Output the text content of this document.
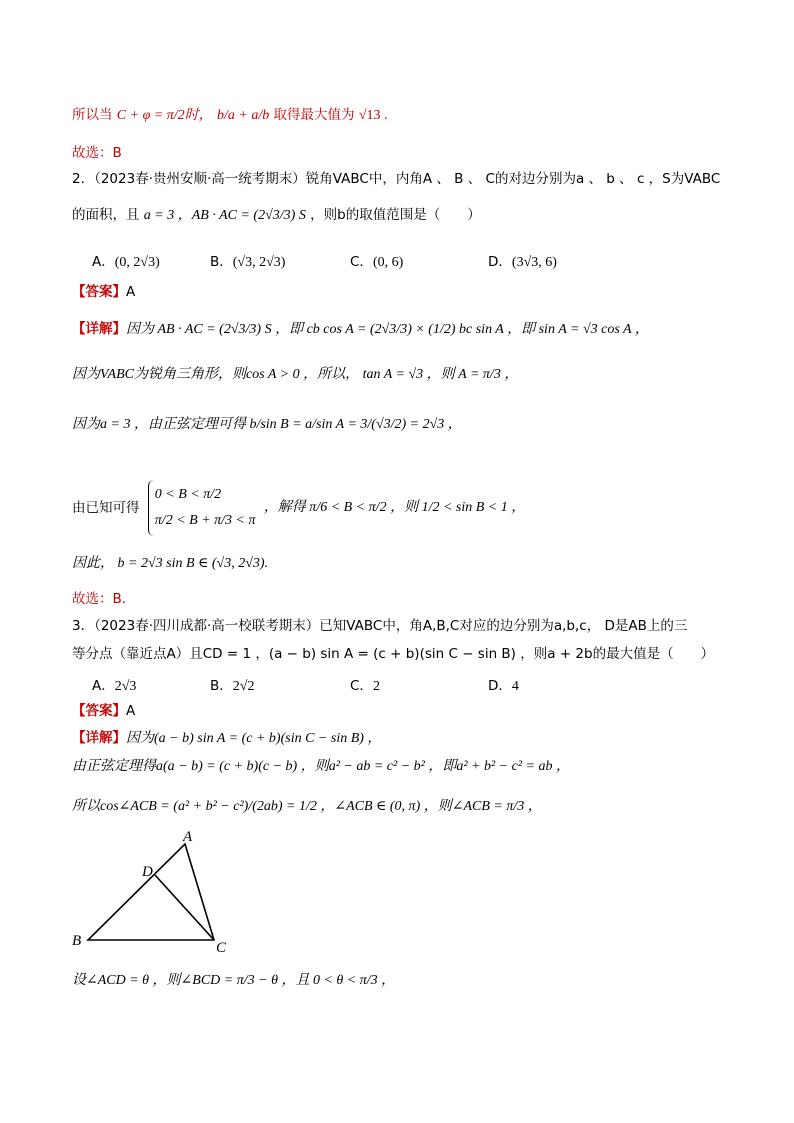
所以当 C + φ = π/2时， b/a + a/b 取得最大值为 √13 .
故选：B
2．（2023春·贵州安顺·高一统考期末）锐角VABC中，内角A 、 B 、 C的对边分别为a 、 b 、 c ，S为VABC
的面积，且 a = 3 ，AB · AC = (2√3/3) S ，则b的取值范围是（　　）
A．(0, 2√3)	B．(√3, 2√3)	C．(0, 6)	D．(3√3, 6)
【答案】A
【详解】因为 AB · AC = (2√3/3) S ，即 cb cos A = (2√3/3) × (1/2) bc sin A ，即 sin A = √3 cos A ，
因为VABC为锐角三角形，则cos A > 0 ，所以， tan A = √3 ，则 A = π/3 ，
因为a = 3 ，由正弦定理可得 b/sin B = a/sin A = 3/(√3/2) = 2√3 ，
由已知可得
0 < B < π/2
π/2 < B + π/3 < π
，解得 π/6 < B < π/2 ，则 1/2 < sin B < 1 ，
因此， b = 2√3 sin B ∈ (√3, 2√3).
故选：B.
3．（2023春·四川成都·高一校联考期末）已知VABC中，角A,B,C对应的边分别为a,b,c， D是AB上的三
等分点（靠近点A）且CD = 1 ，(a − b) sin A = (c + b)(sin C − sin B) ，则a + 2b的最大值是（　　）
A．2√3	B．2√2	C．2	D．4
【答案】A
【详解】因为(a − b) sin A = (c + b)(sin C − sin B) ，
由正弦定理得a(a − b) = (c + b)(c − b) ，则a² − ab = c² − b² ，即a² + b² − c² = ab ，
所以cos∠ACB = (a² + b² − c²)/(2ab) = 1/2 ，∠ACB ∈ (0, π) ，则∠ACB = π/3 ，
A
B	C
D
设∠ACD = θ ，则∠BCD = π/3 − θ ，且 0 < θ < π/3 ，
